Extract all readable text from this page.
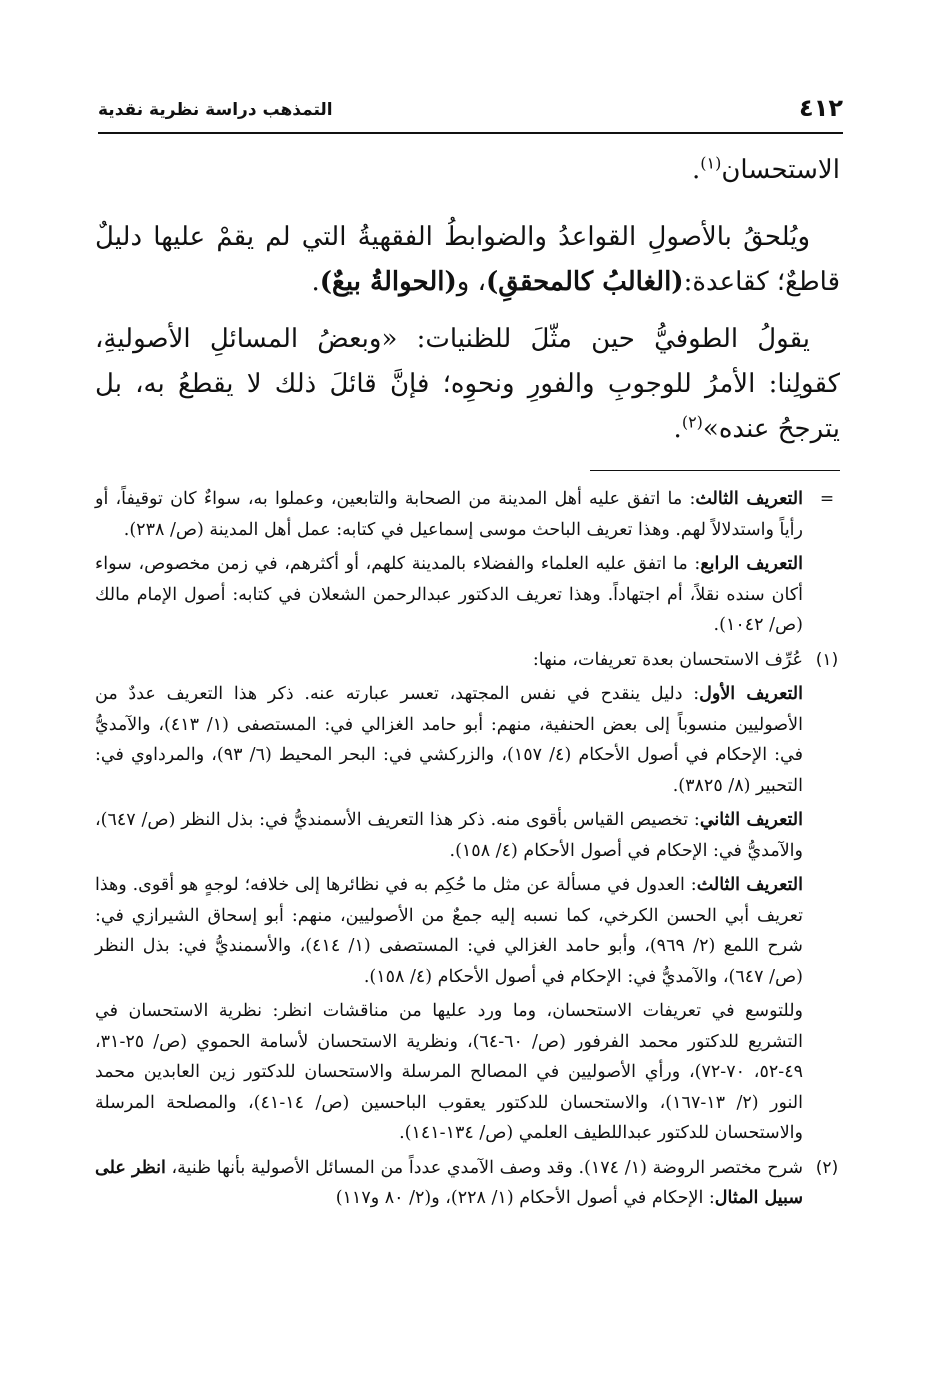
٤١٢
التمذهب دراسة نظرية نقدية

الاستحسان$^{(١)}$.

ويُلحقُ بالأصولِ القواعدُ والضوابطُ الفقهيةُ التي لم يقمْ عليها دليلٌ قاطعٌ؛ كقاعدة:(الغالبُ كالمحققِ)، و(الحوالةُ بيعٌ).

يقولُ الطوفيُّ حين مثّلَ للظنيات: «وبعضُ المسائلِ الأصوليةِ، كقولِنا: الأمرُ للوجوبِ والفورِ ونحوِه؛ فإنَّ قائلَ ذلك لا يقطعُ به، بل يترجحُ عنده»$^{(٢)}$.

=

التعريف الثالث: ما اتفق عليه أهل المدينة من الصحابة والتابعين، وعملوا به، سواءٌ كان توقيفاً، أو رأياً واستدلالاً لهم. وهذا تعريف الباحث موسى إسماعيل في كتابه: عمل أهل المدينة (ص/ ٢٣٨).

التعريف الرابع: ما اتفق عليه العلماء والفضلاء بالمدينة كلهم، أو أكثرهم، في زمن مخصوص، سواء أكان سنده نقلاً، أم اجتهاداً. وهذا تعريف الدكتور عبدالرحمن الشعلان في كتابه: أصول الإمام مالك (ص/ ١٠٤٢).

(١)

عُرِّف الاستحسان بعدة تعريفات، منها:

التعريف الأول: دليل ينقدح في نفس المجتهد، تعسر عبارته عنه. ذكر هذا التعريف عددٌ من الأصوليين منسوباً إلى بعض الحنفية، منهم: أبو حامد الغزالي في: المستصفى (١/ ٤١٣)، والآمديُّ في: الإحكام في أصول الأحكام (٤/ ١٥٧)، والزركشي في: البحر المحيط (٦/ ٩٣)، والمرداوي في: التحبير (٨/ ٣٨٢٥).

التعريف الثاني: تخصيص القياس بأقوى منه. ذكر هذا التعريف الأسمنديُّ في: بذل النظر (ص/ ٦٤٧)، والآمديُّ في: الإحكام في أصول الأحكام (٤/ ١٥٨).

التعريف الثالث: العدول في مسألة عن مثل ما حُكِم به في نظائرها إلى خلافه؛ لوجهٍ هو أقوى. وهذا تعريف أبي الحسن الكرخي، كما نسبه إليه جمعٌ من الأصوليين، منهم: أبو إسحاق الشيرازي في: شرح اللمع (٢/ ٩٦٩)، وأبو حامد الغزالي في: المستصفى (١/ ٤١٤)، والأسمنديُّ في: بذل النظر (ص/ ٦٤٧)، والآمديُّ في: الإحكام في أصول الأحكام (٤/ ١٥٨).

وللتوسع في تعريفات الاستحسان، وما ورد عليها من مناقشات انظر: نظرية الاستحسان في التشريع للدكتور محمد الفرفور (ص/ ٦٠-٦٤)، ونظرية الاستحسان لأسامة الحموي (ص/ ٢٥-٣١، ٤٩-٥٢، ٧٠-٧٢)، ورأي الأصوليين في المصالح المرسلة والاستحسان للدكتور زين العابدين محمد النور (٢/ ١٣-١٦٧)، والاستحسان للدكتور يعقوب الباحسين (ص/ ١٤-٤١)، والمصلحة المرسلة والاستحسان للدكتور عبداللطيف العلمي (ص/ ١٣٤-١٤١).

(٢)

شرح مختصر الروضة (١/ ١٧٤). وقد وصف الآمدي عدداً من المسائل الأصولية بأنها ظنية، انظر على سبيل المثال: الإحكام في أصول الأحكام (١/ ٢٢٨)، و(٢/ ٨٠ و١١٧)
